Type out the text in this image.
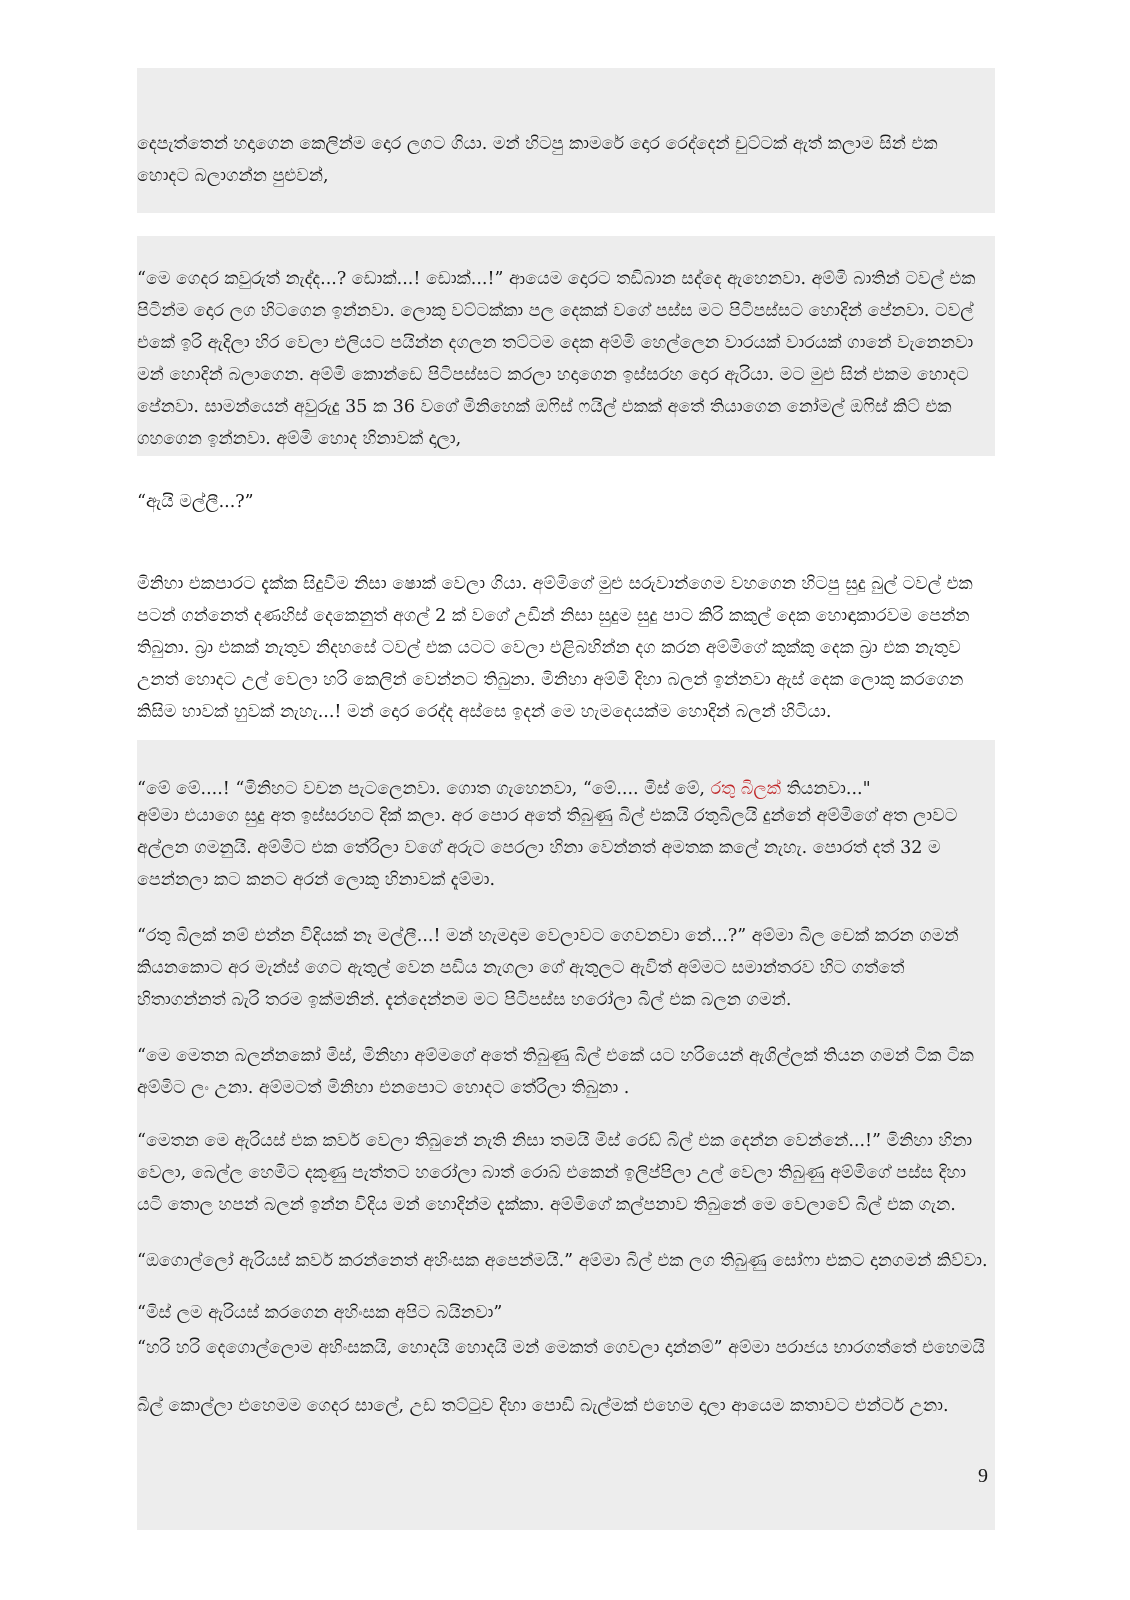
දෙපැත්තෙන් හදාගෙන කෙලින්ම දොර ලගට ගියා. මන් හිටපු කාමරේ දොර රෙද්දෙන් චුට්ටක් ඇත් කලාම සින් එක හොදට බලාගන්න පුළුවන්,

“මෙ ගෙදර කවුරුත් නැද්ද...? ඩොක්...! ඩොක්...!” ආයෙම දොරට තඩිබාන සද්දෙ ඇහෙනවා. අම්මි බාතින් ටවල් එක පිටින්ම දොර ලග හිටගෙන ඉන්නවා. ලොකු වට්ටක්කා පල දෙකක් වගේ පස්ස මට පිටිපස්සට හොදින් පේනවා. ටවල් එකේ ඉරි ඇදිලා හිර වෙලා එලියට පයින්න දගලන තට්ටම දෙක අම්මි හෙල්ලෙන වාරයක් වාරයක් ගානේ වැනෙනවා මන් හොදින් බලාගෙන. අම්මි කොන්ඩෙ පිටිපස්සට කරලා හදාගෙන ඉස්සරහ දොර ඇරියා. මට මුළු සින් එකම හොදට පේනවා. සාමන්යෙන් අවුරුදු 35 ක 36 වගේ මිනිහෙක් ඔෆිස් ෆයිල් එකක් අතේ තියාගෙන නෝමල් ඔෆිස් කිට් එක ගහගෙන ඉන්නවා. අම්මි හොද හිනාවක් දාලා,

“ඇයි මල්ලී...?”

මිනිහා එකපාරට දැක්ක සිදුවීම නිසා ෂොක් වෙලා ගියා. අම්මිගේ මුළු සරුවාන්ගෙම වහගෙන හිටපු සුදු බුල් ටවල් එක පටන් ගන්නෙත් දණහිස් දෙකෙනුත් අගල් 2 ක් වගේ උඩින් නිසා සුදුම සුදු පාට කිරි කකුල් දෙක හොඳාකාරවම පෙන්න තිබුනා. බ්‍රා එකක් නැතුව නිදහසේ ටවල් එක යටට වෙලා එළිබහින්න දග කරන අම්මිගේ කුක්කු දෙක බ්‍රා එක නැතුව උනත් හොදට උල් වෙලා හරි කෙලින් වෙන්නට තිබුනා. මිනිහා අම්මි දිහා බලන් ඉන්නවා ඇස් දෙක ලොකු කරගෙන කිසිම හාවක් හුවක් නැහැ...! මන් දොර රෙද්ද අස්සෙ ඉදන් මෙ හැමදෙයක්ම හොදින් බලන් හිටියා.

“මේ මේ....! “මිනිහට වචන පැටලෙනවා. ගොත ගැහෙනවා, “මේ.... මිස් මේ, රතු බිලක් තියනවා..."

අම්මා එයාගෙ සුදු අත ඉස්සරහට දික් කලා. අර පොර අතේ තිබුණු බිල් එකයි රතුබිලයි දුන්නේ අම්මිගේ අත ලාවට අල්ලන ගමනුයි. අම්මිට එක තේරිලා වගේ අරුට පෙරලා හිනා වෙන්නත් අමතක කලේ නැහැ. පොරත් දත් 32 ම පෙන්නලා කට කනට අරන් ලොකු හිනාවක් දැම්මා.

“රතු බිලක් නම් එන්න විදියක් නෑ මල්ලී...! මන් හැමදාම වෙලාවට ගෙවනවා නේ...?” අම්මා බිල චෙක් කරන ගමන් කියනකොට අර මැන්ස් ගෙට ඇතුල් වෙන පඩිය නැගලා ගේ ඇතුලට ඇවිත් අම්මට සමාන්තරව හිට ගත්තේ හිතාගන්නත් බැරි තරම ඉක්මනින්. දැන්දෙන්නම මට පිටිපස්ස හරෝලා බිල් එක බලන ගමන්.

“මෙ මෙතන බලන්නකෝ මිස්, මිනිහා අම්මගේ අතේ තිබුණු බිල් එකේ යට හරියෙන් ඇගිල්ලක් තියන ගමන් ටික ටික අම්මිට ලං උනා. අම්මටත් මිනිහා එනපොට හොදට තේරිලා තිබුනා .

“මෙතන මෙ ඇරියස් එක කවර් වෙලා තිබුනේ නැති නිසා තමයි මිස් රෙඩ් බිල් එක දෙන්න වෙන්නේ...!” මිනිහා හිනා වෙලා, බෙල්ල හෙමිට දකුණු පැත්තට හරෝලා බාත් රොබ් එකෙන් ඉලිප්පිලා උල් වෙලා තිබුණු අම්මිගේ පස්ස දිහා යටි තොල හපන් බලන් ඉන්න විදිය මන් හොදින්ම දැක්කා. අම්මිගේ කල්පනාව තිබුනේ මෙ වෙලාවේ බිල් එක ගැන.

“ඔගොල්ලෝ ඇරියස් කවර් කරන්නෙත් අහිංසක අපෙන්මයි.” අම්මා බිල් එක ලග තිබුණු සෝෆා එකට දානගමන් කිව්වා.

“මිස් ලම ඇරියස් කරගෙන අහිංසක අපිට බයිනවා”

“හරි හරි දෙගොල්ලොම අහිංසකයි, හොදයි හොදයි මන් මෙකත් ගෙවලා දාන්නම්” අම්මා පරාජය භාරගත්තේ එහෙමයි

බිල් කොල්ලා එහෙමම ගෙදර සාලේ, උඩ තට්ටුව දිහා පොඩි බැල්මක් එහෙම දාලා ආයෙම කතාවට එන්ටර් උනා.

9
